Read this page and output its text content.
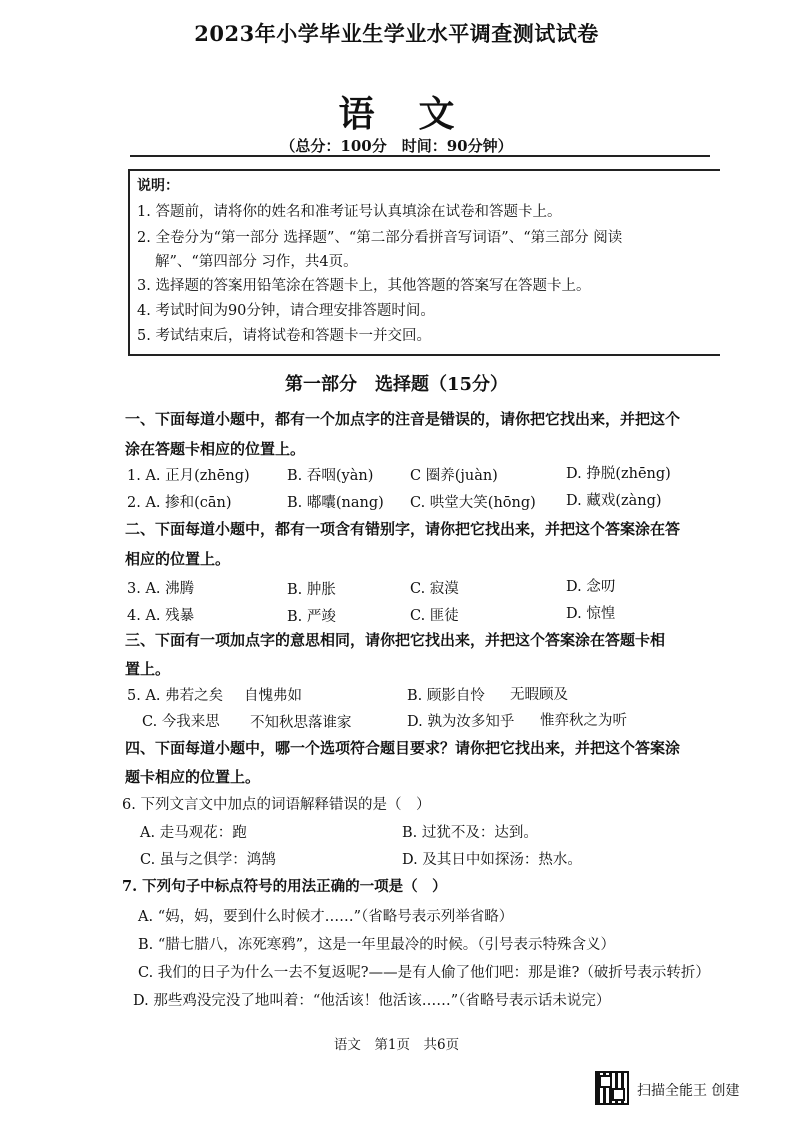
2023年小学毕业生学业水平调查测试试卷
语 文
（总分：100分　时间：90分钟）
说明：
1. 答题前，请将你的姓名和准考证号认真填涂在试卷和答题卡上。
2. 全卷分为“第一部分 选择题”、“第二部分看拼音写词语”、“第三部分 阅读
解”、“第四部分 习作，共4页。
3. 选择题的答案用铅笔涂在答题卡上，其他答题的答案写在答题卡上。
4. 考试时间为90分钟，请合理安排答题时间。
5. 考试结束后，请将试卷和答题卡一并交回。
第一部分　选择题（15分）
一、下面每道小题中，都有一个加点字的注音是错误的，请你把它找出来，并把这个
涂在答题卡相应的位置上。
1. A. 正月(zhēng)	B. 吞咽(yàn)	C 圈养(juàn)	D. 挣脱(zhēng)
2. A. 掺和(cān)	B. 嘟囔(nang) C. 哄堂大笑(hōng) D. 藏戏(zàng)
二、下面每道小题中，都有一项含有错别字，请你把它找出来，并把这个答案涂在答
相应的位置上。
3. A. 沸腾	B. 肿胀	C. 寂漠	D. 念叨
4. A. 残暴	B. 严竣	C. 匪徒	D. 惊惶
三、下面有一项加点字的意思相同，请你把它找出来，并把这个答案涂在答题卡相
置上。
5. A. 弗若之矣 自愧弗如	B. 顾影自怜 无暇顾及
C. 今我来思 不知秋思落谁家	D. 孰为汝多知乎 惟弈秋之为听
四、下面每道小题中，哪一个选项符合题目要求？请你把它找出来，并把这个答案涂
题卡相应的位置上。
6. 下列文言文中加点的词语解释错误的是（　）
A. 走马观花：跑	B. 过犹不及：达到。
C. 虽与之俱学：鸿鹄	D. 及其日中如探汤：热水。
7. 下列句子中标点符号的用法正确的一项是（　）
A. “妈，妈，要到什么时候才……”（省略号表示列举省略）
B. “腊七腊八，冻死寒鸦”，这是一年里最冷的时候。（引号表示特殊含义）
C. 我们的日子为什么一去不复返呢?——是有人偷了他们吧：那是谁?（破折号表示转折）
D. 那些鸡没完没了地叫着：“他活该！他活该……”（省略号表示话未说完）
语文　第1页　共6页
扫描全能王 创建
